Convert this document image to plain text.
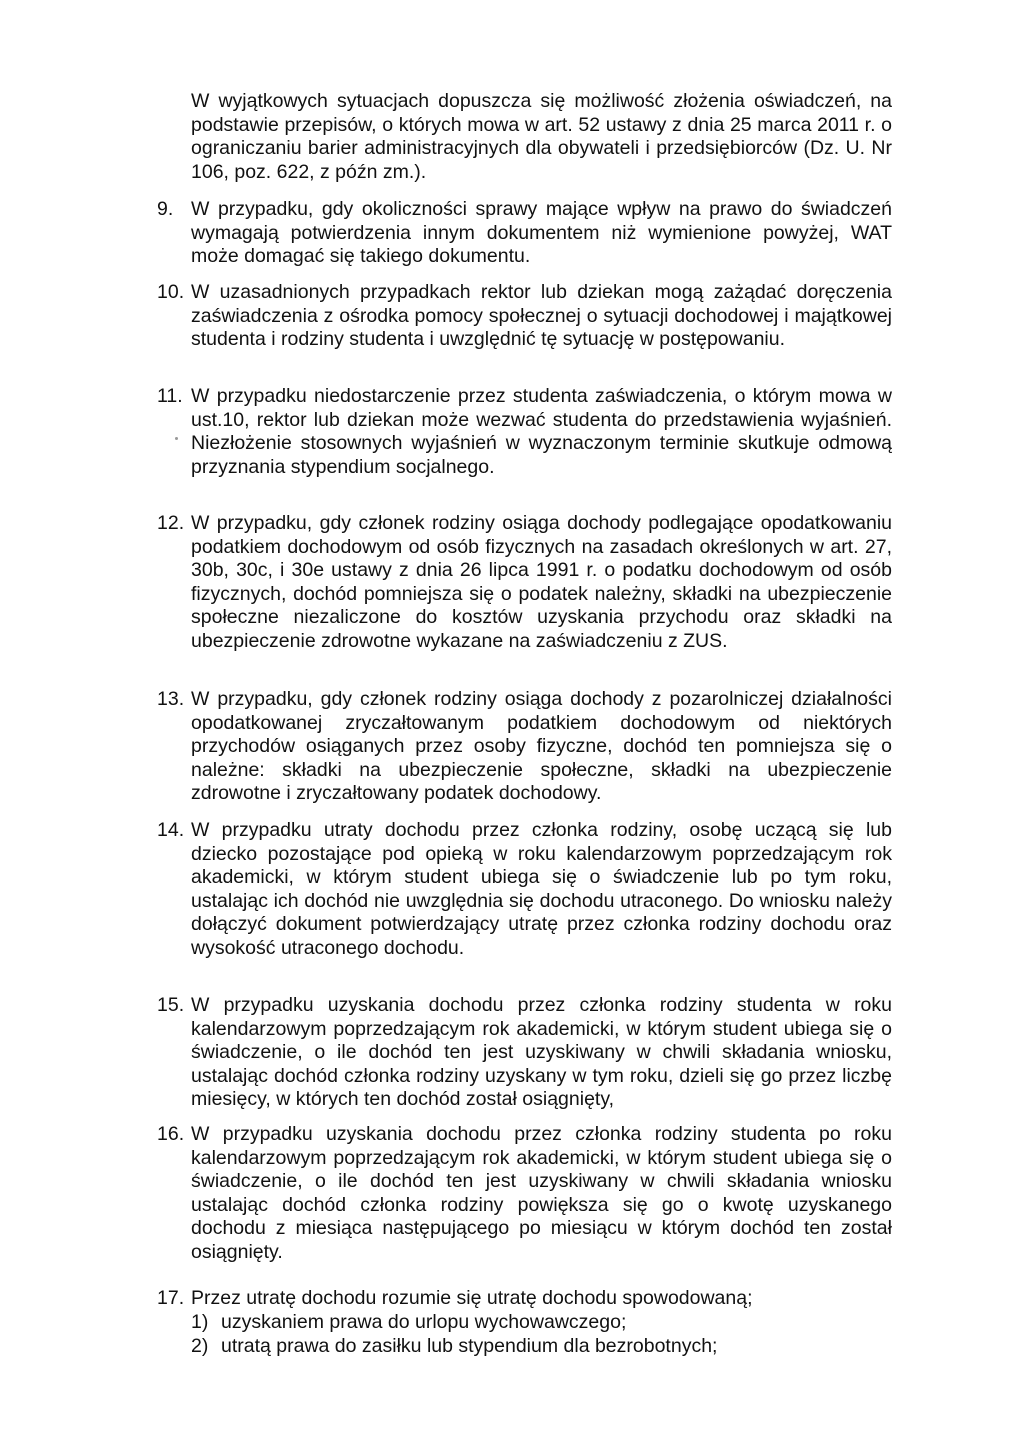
W wyjątkowych sytuacjach dopuszcza się możliwość złożenia oświadczeń, na podstawie przepisów, o których mowa w art. 52 ustawy z dnia 25 marca 2011 r. o ograniczaniu barier administracyjnych dla obywateli i przedsiębiorców (Dz. U. Nr 106, poz. 622, z późn zm.).

9. W przypadku, gdy okoliczności sprawy mające wpływ na prawo do świadczeń wymagają potwierdzenia innym dokumentem niż wymienione powyżej, WAT może domagać się takiego dokumentu.
10. W uzasadnionych przypadkach rektor lub dziekan mogą zażądać doręczenia zaświadczenia z ośrodka pomocy społecznej o sytuacji dochodowej i majątkowej studenta i rodziny studenta i uwzględnić tę sytuację w postępowaniu.
11. W przypadku niedostarczenie przez studenta zaświadczenia, o którym mowa w ust.10, rektor lub dziekan może wezwać studenta do przedstawienia wyjaśnień. Niezłożenie stosownych wyjaśnień w wyznaczonym terminie skutkuje odmową przyznania stypendium socjalnego.
12. W przypadku, gdy członek rodziny osiąga dochody podlegające opodatkowaniu podatkiem dochodowym od osób fizycznych na zasadach określonych w art. 27, 30b, 30c, i 30e ustawy z dnia 26 lipca 1991 r. o podatku dochodowym od osób fizycznych, dochód pomniejsza się o podatek należny, składki na ubezpieczenie społeczne niezaliczone do kosztów uzyskania przychodu oraz składki na ubezpieczenie zdrowotne wykazane na zaświadczeniu z ZUS.
13. W przypadku, gdy członek rodziny osiąga dochody z pozarolniczej działalności opodatkowanej zryczałtowanym podatkiem dochodowym od niektórych przychodów osiąganych przez osoby fizyczne, dochód ten pomniejsza się o należne: składki na ubezpieczenie społeczne, składki na ubezpieczenie zdrowotne i zryczałtowany podatek dochodowy.
14. W przypadku utraty dochodu przez członka rodziny, osobę uczącą się lub dziecko pozostające pod opieką w roku kalendarzowym poprzedzającym rok akademicki, w którym student ubiega się o świadczenie lub po tym roku, ustalając ich dochód nie uwzględnia się dochodu utraconego. Do wniosku należy dołączyć dokument potwierdzający utratę przez członka rodziny dochodu oraz wysokość utraconego dochodu.
15. W przypadku uzyskania dochodu przez członka rodziny studenta w roku kalendarzowym poprzedzającym rok akademicki, w którym student ubiega się o świadczenie, o ile dochód ten jest uzyskiwany w chwili składania wniosku, ustalając dochód członka rodziny uzyskany w tym roku, dzieli się go przez liczbę miesięcy, w których ten dochód został osiągnięty,
16. W przypadku uzyskania dochodu przez członka rodziny studenta po roku kalendarzowym poprzedzającym rok akademicki, w którym student ubiega się o świadczenie, o ile dochód ten jest uzyskiwany w chwili składania wniosku ustalając dochód członka rodziny powiększa się go o kwotę uzyskanego dochodu z miesiąca następującego po miesiącu w którym dochód ten został osiągnięty.
17. Przez utratę dochodu rozumie się utratę dochodu spowodowaną;
1) uzyskaniem prawa do urlopu wychowawczego;
2) utratą prawa do zasiłku lub stypendium dla bezrobotnych;
